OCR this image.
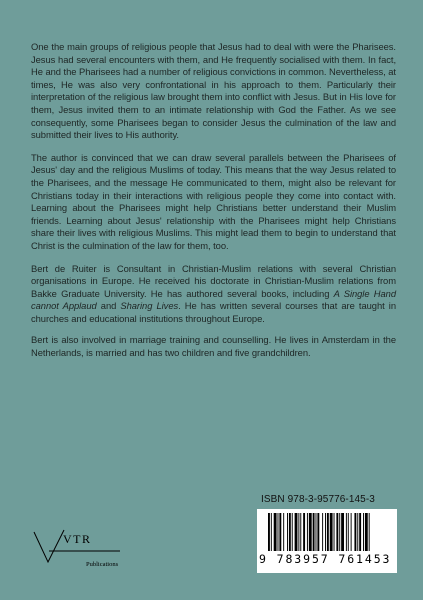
One the main groups of religious people that Jesus had to deal with were the Pharisees. Jesus had several encounters with them, and He frequently socialised with them. In fact, He and the Pharisees had a number of religious convictions in common. Nevertheless, at times, He was also very confrontational in his approach to them. Particularly their interpretation of the religious law brought them into conflict with Jesus. But in His love for them, Jesus invited them to an intimate relationship with God the Father. As we see consequently, some Pharisees began to consider Jesus the culmination of the law and submitted their lives to His authority.

The author is convinced that we can draw several parallels between the Pharisees of Jesus' day and the religious Muslims of today. This means that the way Jesus related to the Pharisees, and the message He communicated to them, might also be relevant for Christians today in their interactions with religious people they come into contact with. Learning about the Pharisees might help Christians better understand their Muslim friends. Learning about Jesus' relationship with the Pharisees might help Christians share their lives with religious Muslims. This might lead them to begin to understand that Christ is the culmination of the law for them, too.

Bert de Ruiter is Consultant in Christian-Muslim relations with several Christian organisations in Europe. He received his doctorate in Christian-Muslim relations from Bakke Graduate University. He has authored several books, including A Single Hand cannot Applaud and Sharing Lives. He has written several courses that are taught in churches and educational institutions throughout Europe.

Bert is also involved in marriage training and counselling. He lives in Amsterdam in the Netherlands, is married and has two children and five grandchildren.

ISBN 978-3-95776-145-3
9 783957 761453
VTR
Publications
